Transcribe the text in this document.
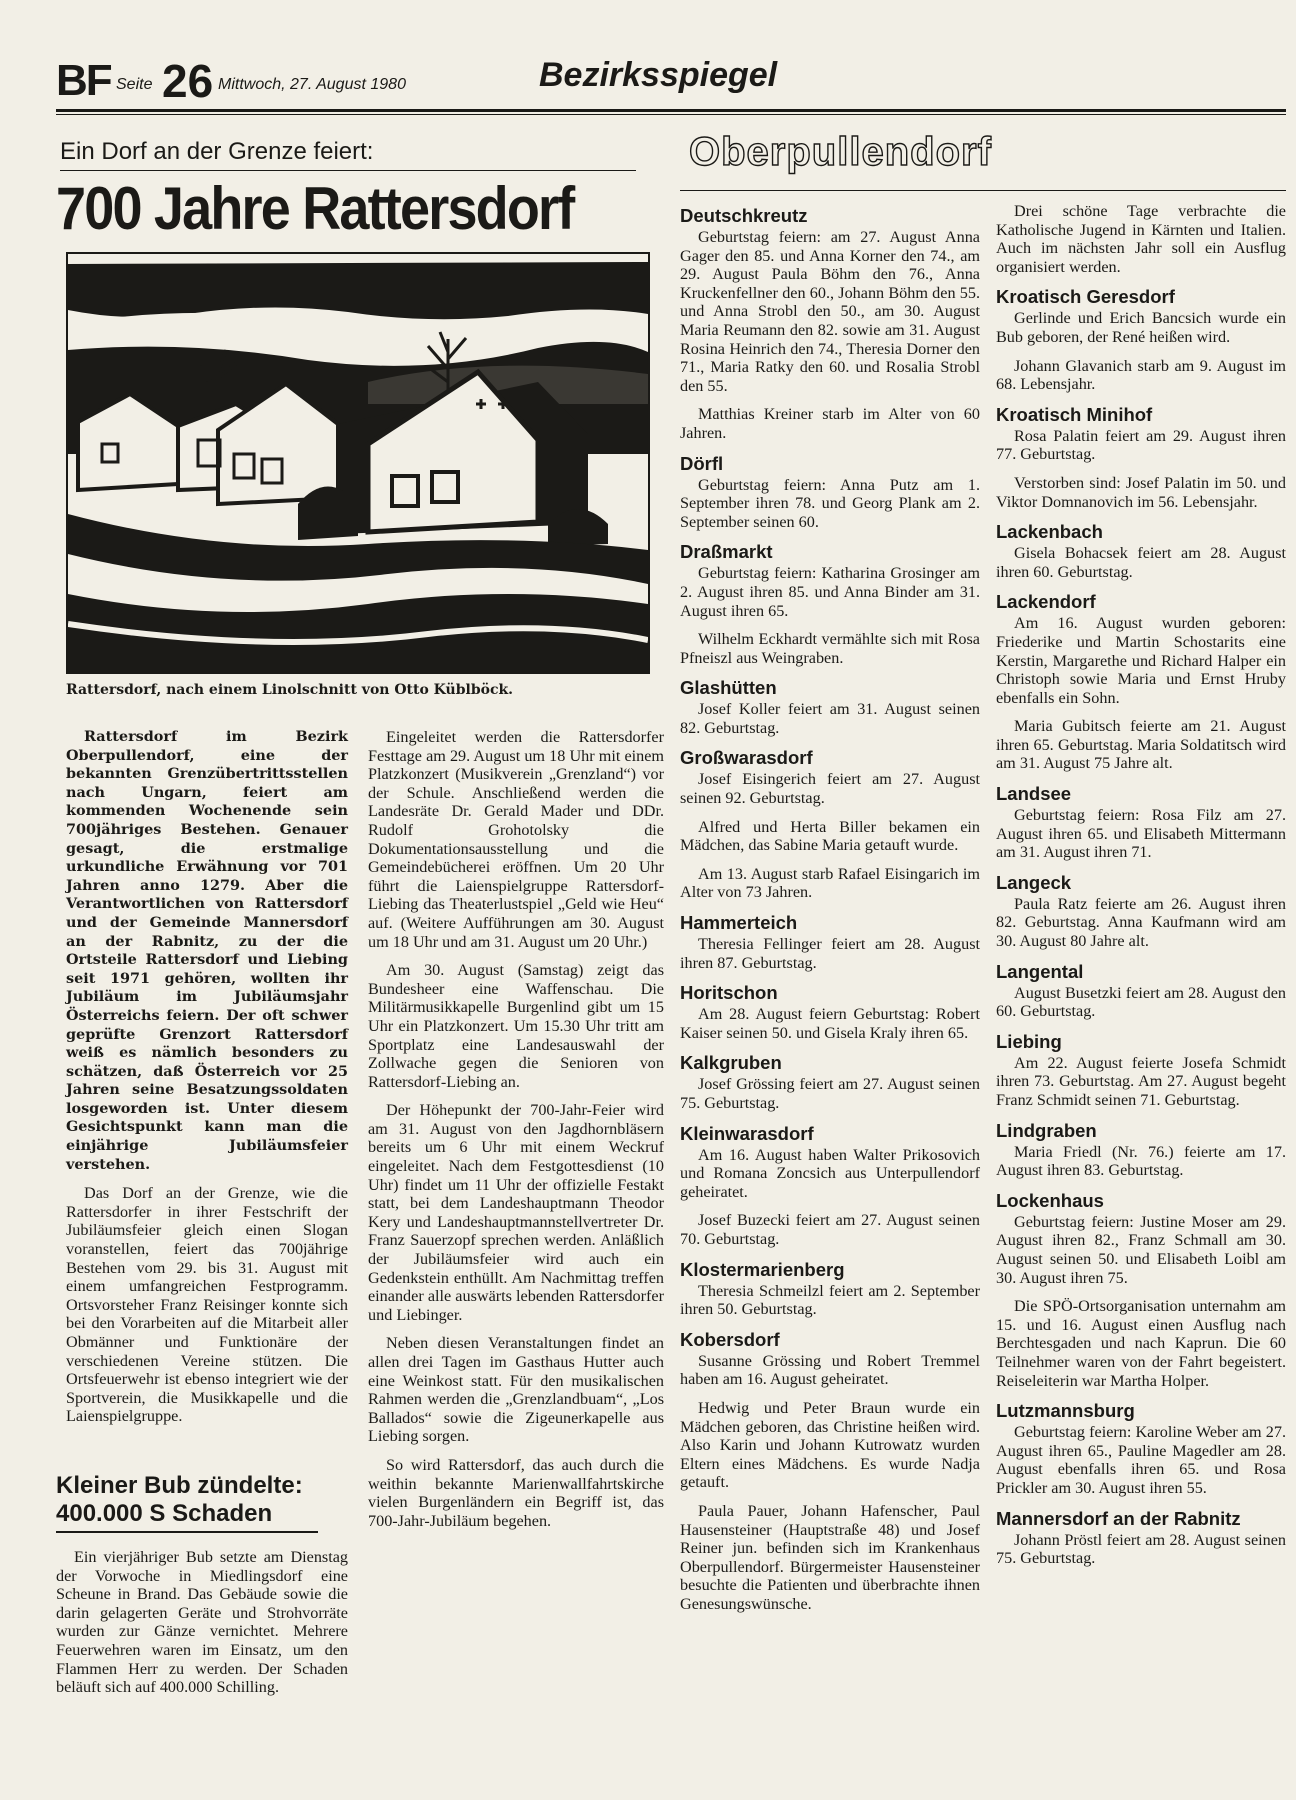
BF Seite 26 Mittwoch, 27. August 1980	Bezirksspiegel
Ein Dorf an der Grenze feiert:
700 Jahre Rattersdorf
Rattersdorf, nach einem Linolschnitt von Otto Küblböck.

Rattersdorf im Bezirk Oberpullendorf, eine der bekannten Grenzübertrittsstellen nach Ungarn, feiert am kommenden Wochenende sein 700jähriges Bestehen. Genauer gesagt, die erstmalige urkundliche Erwähnung vor 701 Jahren anno 1279. Aber die Verantwortlichen von Rattersdorf und der Gemeinde Mannersdorf an der Rabnitz, zu der die Ortsteile Rattersdorf und Liebing seit 1971 gehören, wollten ihr Jubiläum im Jubiläumsjahr Österreichs feiern. Der oft schwer geprüfte Grenzort Rattersdorf weiß es nämlich besonders zu schätzen, daß Österreich vor 25 Jahren seine Besatzungssoldaten losgeworden ist. Unter diesem Gesichtspunkt kann man die einjährige Jubiläumsfeier verstehen.

Das Dorf an der Grenze, wie die Rattersdorfer in ihrer Festschrift der Jubiläumsfeier gleich einen Slogan voranstellen, feiert das 700jährige Bestehen vom 29. bis 31. August mit einem umfangreichen Festprogramm. Ortsvorsteher Franz Reisinger konnte sich bei den Vorarbeiten auf die Mitarbeit aller Obmänner und Funktionäre der verschiedenen Vereine stützen. Die Ortsfeuerwehr ist ebenso integriert wie der Sportverein, die Musikkapelle und die Laienspielgruppe.

Eingeleitet werden die Rattersdorfer Festtage am 29. August um 18 Uhr mit einem Platzkonzert (Musikverein „Grenzland“) vor der Schule. Anschließend werden die Landesräte Dr. Gerald Mader und DDr. Rudolf Grohotolsky die Dokumentationsausstellung und die Gemeindebücherei eröffnen. Um 20 Uhr führt die Laienspielgruppe Rattersdorf-Liebing das Theaterlustspiel „Geld wie Heu“ auf. (Weitere Aufführungen am 30. August um 18 Uhr und am 31. August um 20 Uhr.)

Am 30. August (Samstag) zeigt das Bundesheer eine Waffenschau. Die Militärmusikkapelle Burgenlind gibt um 15 Uhr ein Platzkonzert. Um 15.30 Uhr tritt am Sportplatz eine Landesauswahl der Zollwache gegen die Senioren von Rattersdorf-Liebing an.

Der Höhepunkt der 700-Jahr-Feier wird am 31. August von den Jagdhornbläsern bereits um 6 Uhr mit einem Weckruf eingeleitet. Nach dem Festgottesdienst (10 Uhr) findet um 11 Uhr der offizielle Festakt statt, bei dem Landeshauptmann Theodor Kery und Landeshauptmannstellvertreter Dr. Franz Sauerzopf sprechen werden. Anläßlich der Jubiläumsfeier wird auch ein Gedenkstein enthüllt. Am Nachmittag treffen einander alle auswärts lebenden Rattersdorfer und Liebinger.

Neben diesen Veranstaltungen findet an allen drei Tagen im Gasthaus Hutter auch eine Weinkost statt. Für den musikalischen Rahmen werden die „Grenzlandbuam“, „Los Ballados“ sowie die Zigeunerkapelle aus Liebing sorgen.

So wird Rattersdorf, das auch durch die weithin bekannte Marienwallfahrtskirche vielen Burgenländern ein Begriff ist, das 700-Jahr-Jubiläum begehen.

Kleiner Bub zündelte:
400.000 S Schaden

Ein vierjähriger Bub setzte am Dienstag der Vorwoche in Miedlingsdorf eine Scheune in Brand. Das Gebäude sowie die darin gelagerten Geräte und Strohvorräte wurden zur Gänze vernichtet. Mehrere Feuerwehren waren im Einsatz, um den Flammen Herr zu werden. Der Schaden beläuft sich auf 400.000 Schilling.

Oberpullendorf
Deutschkreutz

Geburtstag feiern: am 27. August Anna Gager den 85. und Anna Korner den 74., am 29. August Paula Böhm den 76., Anna Kruckenfellner den 60., Johann Böhm den 55. und Anna Strobl den 50., am 30. August Maria Reumann den 82. sowie am 31. August Rosina Heinrich den 74., Theresia Dorner den 71., Maria Ratky den 60. und Rosalia Strobl den 55.

Matthias Kreiner starb im Alter von 60 Jahren.

Dörfl

Geburtstag feiern: Anna Putz am 1. September ihren 78. und Georg Plank am 2. September seinen 60.

Draßmarkt

Geburtstag feiern: Katharina Grosinger am 2. August ihren 85. und Anna Binder am 31. August ihren 65.

Wilhelm Eckhardt vermählte sich mit Rosa Pfneiszl aus Weingraben.

Glashütten

Josef Koller feiert am 31. August seinen 82. Geburtstag.

Großwarasdorf

Josef Eisingerich feiert am 27. August seinen 92. Geburtstag.

Alfred und Herta Biller bekamen ein Mädchen, das Sabine Maria getauft wurde.

Am 13. August starb Rafael Eisingarich im Alter von 73 Jahren.

Hammerteich

Theresia Fellinger feiert am 28. August ihren 87. Geburtstag.

Horitschon

Am 28. August feiern Geburtstag: Robert Kaiser seinen 50. und Gisela Kraly ihren 65.

Kalkgruben

Josef Grössing feiert am 27. August seinen 75. Geburtstag.

Kleinwarasdorf

Am 16. August haben Walter Prikosovich und Romana Zoncsich aus Unterpullendorf geheiratet.

Josef Buzecki feiert am 27. August seinen 70. Geburtstag.

Klostermarienberg

Theresia Schmeilzl feiert am 2. September ihren 50. Geburtstag.

Kobersdorf

Susanne Grössing und Robert Tremmel haben am 16. August geheiratet.

Hedwig und Peter Braun wurde ein Mädchen geboren, das Christine heißen wird. Also Karin und Johann Kutrowatz wurden Eltern eines Mädchens. Es wurde Nadja getauft.

Paula Pauer, Johann Hafenscher, Paul Hausensteiner (Hauptstraße 48) und Josef Reiner jun. befinden sich im Krankenhaus Oberpullendorf. Bürgermeister Hausensteiner besuchte die Patienten und überbrachte ihnen Genesungswünsche.

Drei schöne Tage verbrachte die Katholische Jugend in Kärnten und Italien. Auch im nächsten Jahr soll ein Ausflug organisiert werden.

Kroatisch Geresdorf

Gerlinde und Erich Bancsich wurde ein Bub geboren, der René heißen wird.

Johann Glavanich starb am 9. August im 68. Lebensjahr.

Kroatisch Minihof

Rosa Palatin feiert am 29. August ihren 77. Geburtstag.

Verstorben sind: Josef Palatin im 50. und Viktor Domnanovich im 56. Lebensjahr.

Lackenbach

Gisela Bohacsek feiert am 28. August ihren 60. Geburtstag.

Lackendorf

Am 16. August wurden geboren: Friederike und Martin Schostarits eine Kerstin, Margarethe und Richard Halper ein Christoph sowie Maria und Ernst Hruby ebenfalls ein Sohn.

Maria Gubitsch feierte am 21. August ihren 65. Geburtstag. Maria Soldatitsch wird am 31. August 75 Jahre alt.

Landsee

Geburtstag feiern: Rosa Filz am 27. August ihren 65. und Elisabeth Mittermann am 31. August ihren 71.

Langeck

Paula Ratz feierte am 26. August ihren 82. Geburtstag. Anna Kaufmann wird am 30. August 80 Jahre alt.

Langental

August Busetzki feiert am 28. August den 60. Geburtstag.

Liebing

Am 22. August feierte Josefa Schmidt ihren 73. Geburtstag. Am 27. August begeht Franz Schmidt seinen 71. Geburtstag.

Lindgraben

Maria Friedl (Nr. 76.) feierte am 17. August ihren 83. Geburtstag.

Lockenhaus

Geburtstag feiern: Justine Moser am 29. August ihren 82., Franz Schmall am 30. August seinen 50. und Elisabeth Loibl am 30. August ihren 75.

Die SPÖ-Ortsorganisation unternahm am 15. und 16. August einen Ausflug nach Berchtesgaden und nach Kaprun. Die 60 Teilnehmer waren von der Fahrt begeistert. Reiseleiterin war Martha Holper.

Lutzmannsburg

Geburtstag feiern: Karoline Weber am 27. August ihren 65., Pauline Magedler am 28. August ebenfalls ihren 65. und Rosa Prickler am 30. August ihren 55.

Mannersdorf an der Rabnitz

Johann Pröstl feiert am 28. August seinen 75. Geburtstag.
